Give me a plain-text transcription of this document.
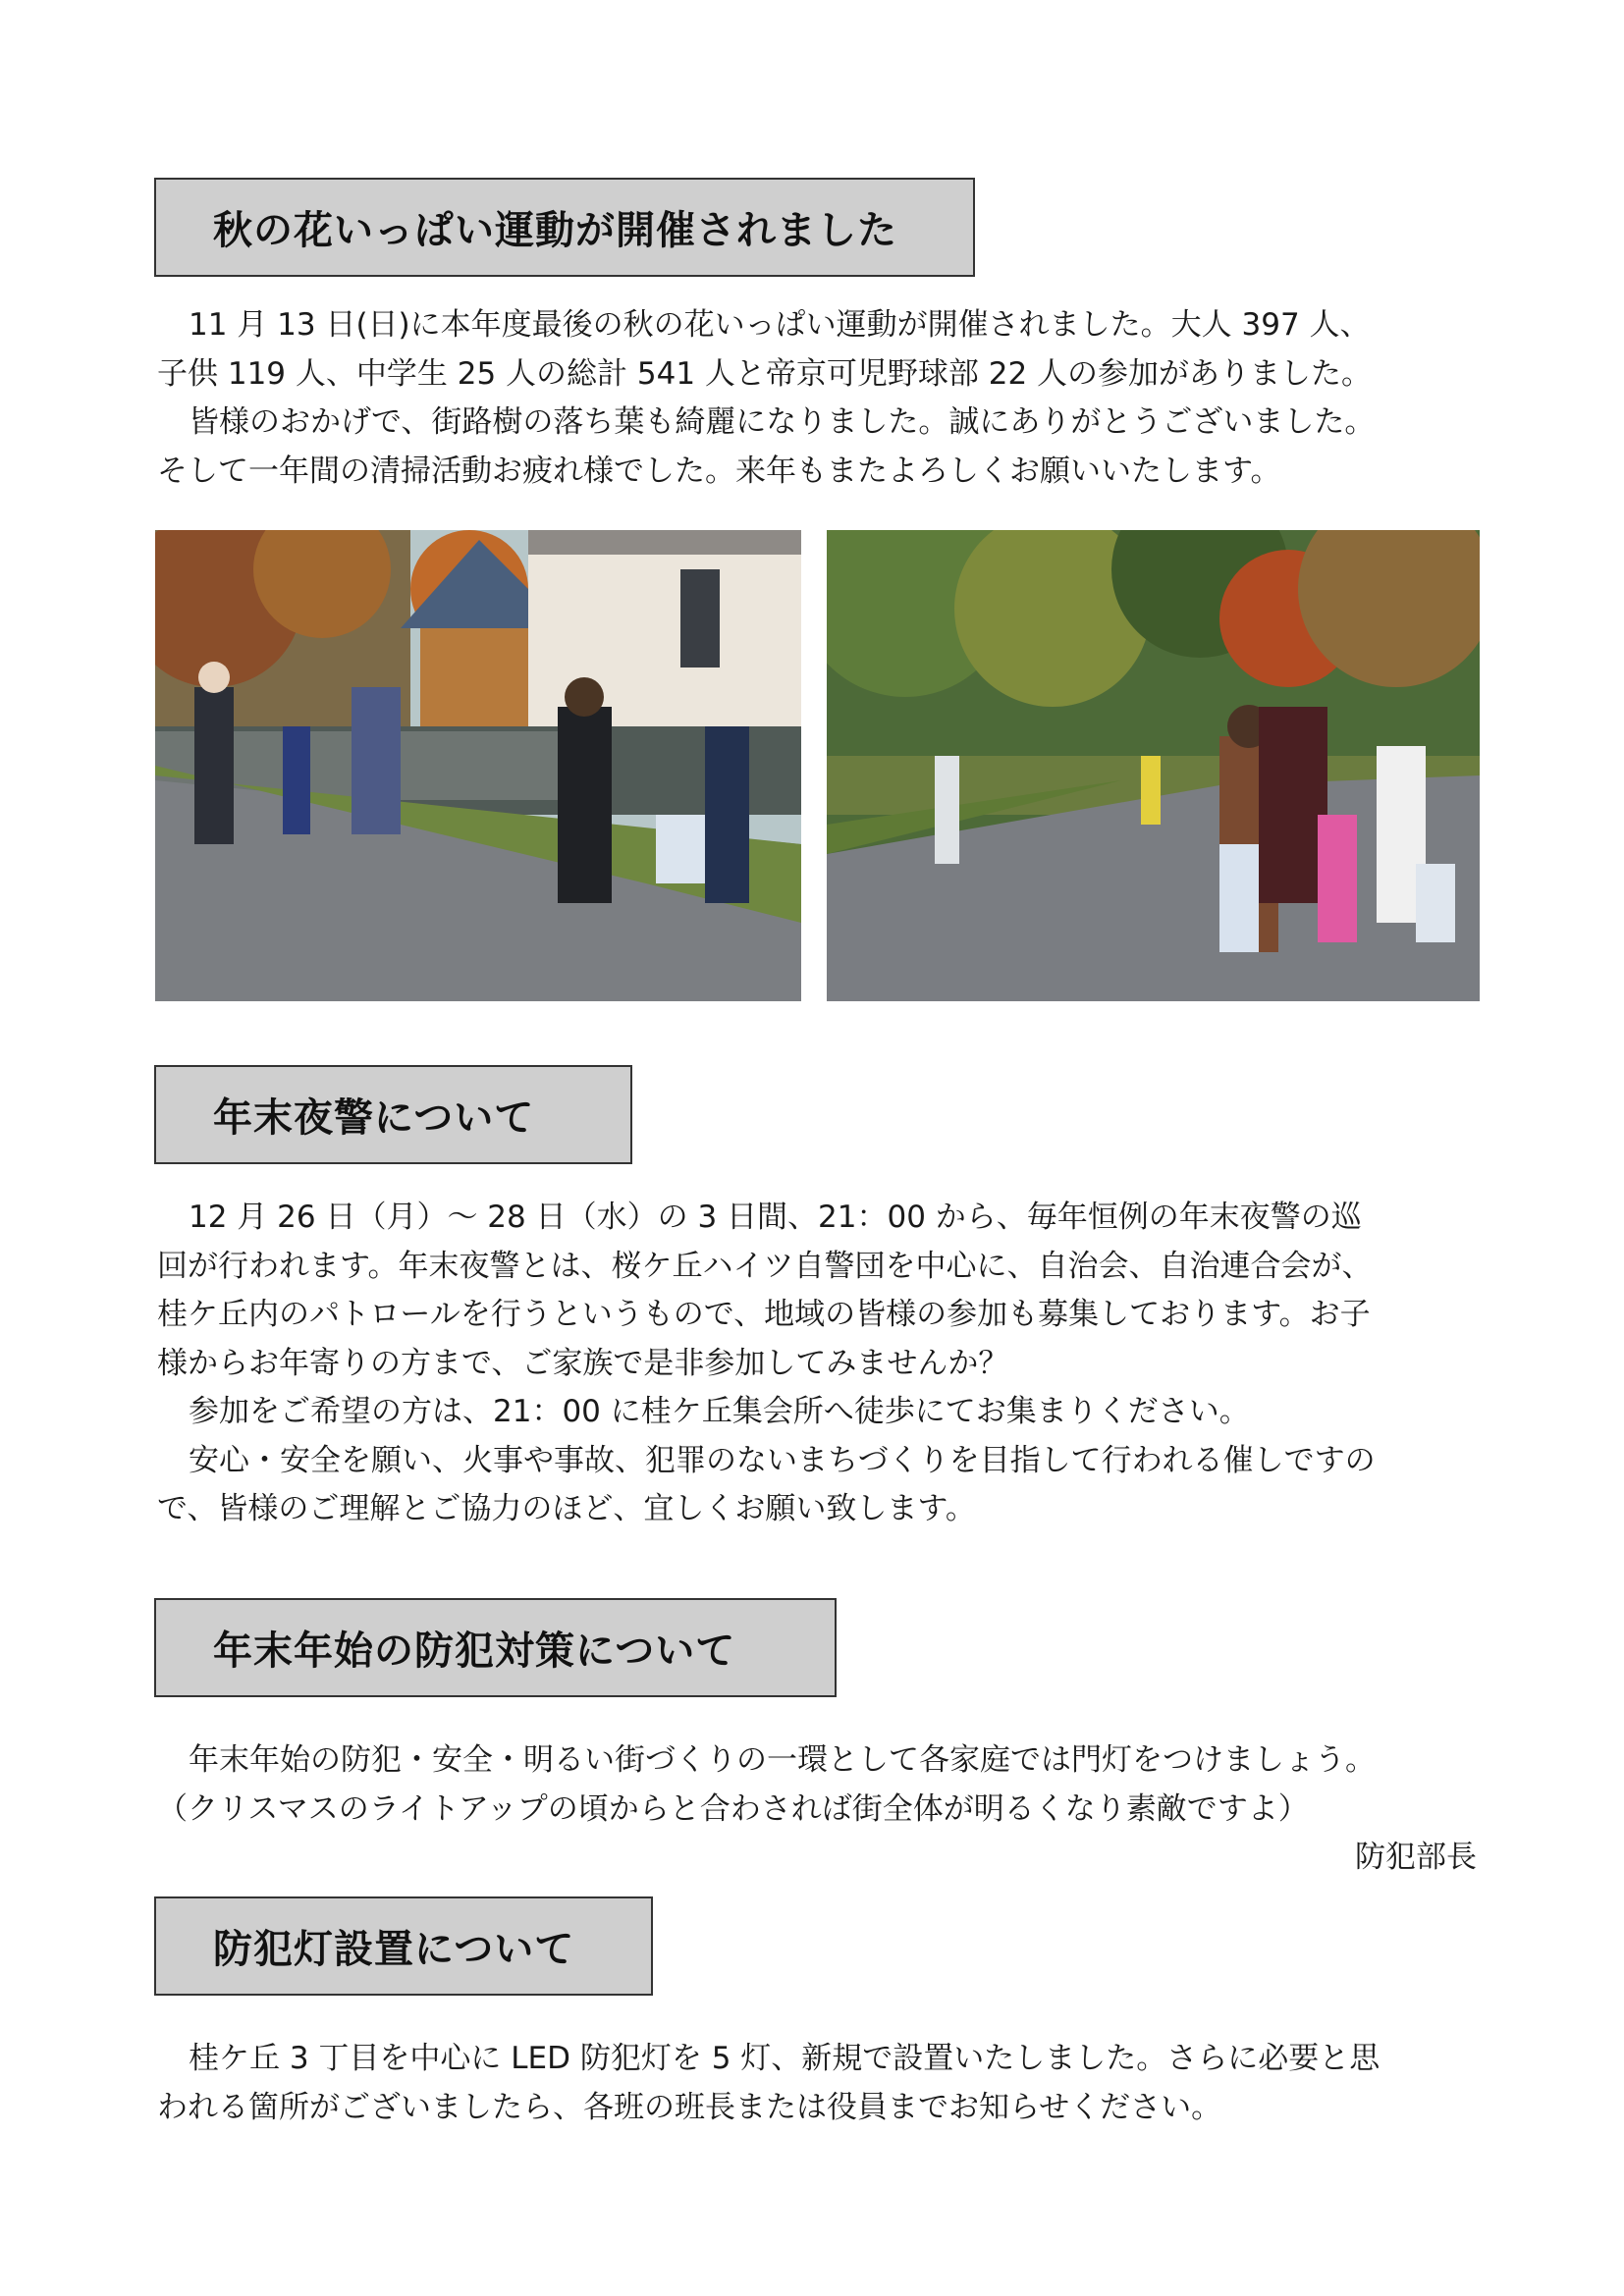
秋の花いっぱい運動が開催されました

11 月 13 日(日)に本年度最後の秋の花いっぱい運動が開催されました。大人 397 人、

子供 119 人、中学生 25 人の総計 541 人と帝京可児野球部 22 人の参加がありました。

皆様のおかげで、街路樹の落ち葉も綺麗になりました。誠にありがとうございました。

そして一年間の清掃活動お疲れ様でした。来年もまたよろしくお願いいたします。

年末夜警について

12 月 26 日（月）～ 28 日（水）の 3 日間、21：00 から、毎年恒例の年末夜警の巡

回が行われます。年末夜警とは、桜ケ丘ハイツ自警団を中心に、自治会、自治連合会が、

桂ケ丘内のパトロールを行うというもので、地域の皆様の参加も募集しております。お子

様からお年寄りの方まで、ご家族で是非参加してみませんか？

参加をご希望の方は、21：00 に桂ケ丘集会所へ徒歩にてお集まりください。

安心・安全を願い、火事や事故、犯罪のないまちづくりを目指して行われる催しですの

で、皆様のご理解とご協力のほど、宜しくお願い致します。

年末年始の防犯対策について

年末年始の防犯・安全・明るい街づくりの一環として各家庭では門灯をつけましょう。

（クリスマスのライトアップの頃からと合わされば街全体が明るくなり素敵ですよ）

防犯部長

防犯灯設置について

桂ケ丘 3 丁目を中心に LED 防犯灯を 5 灯、新規で設置いたしました。さらに必要と思

われる箇所がございましたら、各班の班長または役員までお知らせください。
